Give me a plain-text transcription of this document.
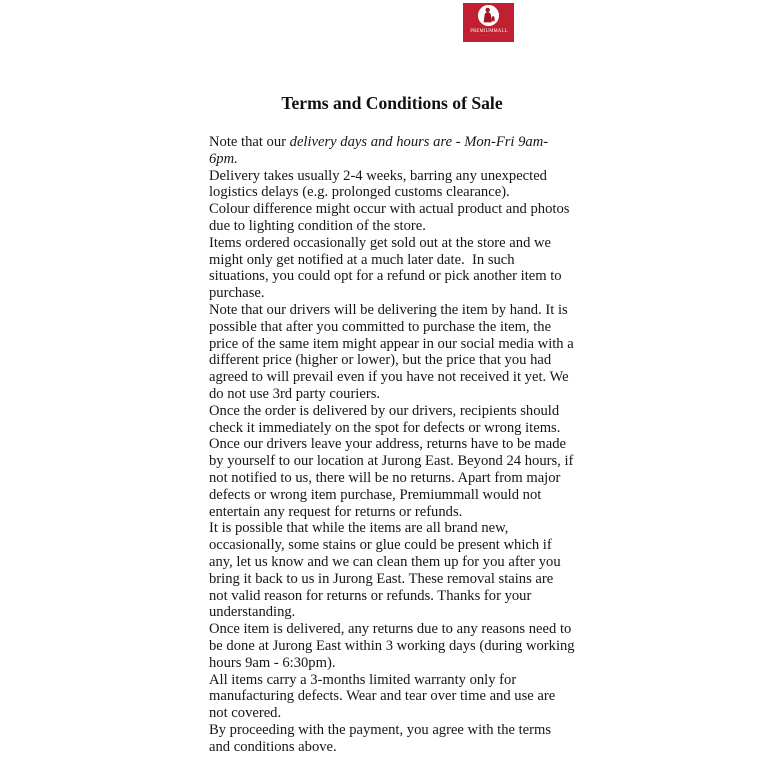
PREMIUMMALL
· · · · · · · · · ·
Terms and Conditions of Sale

Note that our delivery days and hours are - Mon-Fri 9am-6pm.

Delivery takes usually 2-4 weeks, barring any unexpected logistics delays (e.g. prolonged customs clearance).

Colour difference might occur with actual product and photos due to lighting condition of the store.

Items ordered occasionally get sold out at the store and we might only get notified at a much later date.  In such situations, you could opt for a refund or pick another item to purchase.

Note that our drivers will be delivering the item by hand. It is possible that after you committed to purchase the item, the price of the same item might appear in our social media with a different price (higher or lower), but the price that you had agreed to will prevail even if you have not received it yet. We do not use 3rd party couriers.

Once the order is delivered by our drivers, recipients should check it immediately on the spot for defects or wrong items.

Once our drivers leave your address, returns have to be made by yourself to our location at Jurong East. Beyond 24 hours, if not notified to us, there will be no returns. Apart from major defects or wrong item purchase, Premiummall would not entertain any request for returns or refunds.

It is possible that while the items are all brand new, occasionally, some stains or glue could be present which if any, let us know and we can clean them up for you after you bring it back to us in Jurong East. These removal stains are not valid reason for returns or refunds. Thanks for your understanding.

Once item is delivered, any returns due to any reasons need to be done at Jurong East within 3 working days (during working hours 9am - 6:30pm).

All items carry a 3-months limited warranty only for manufacturing defects. Wear and tear over time and use are not covered.

By proceeding with the payment, you agree with the terms and conditions above.
